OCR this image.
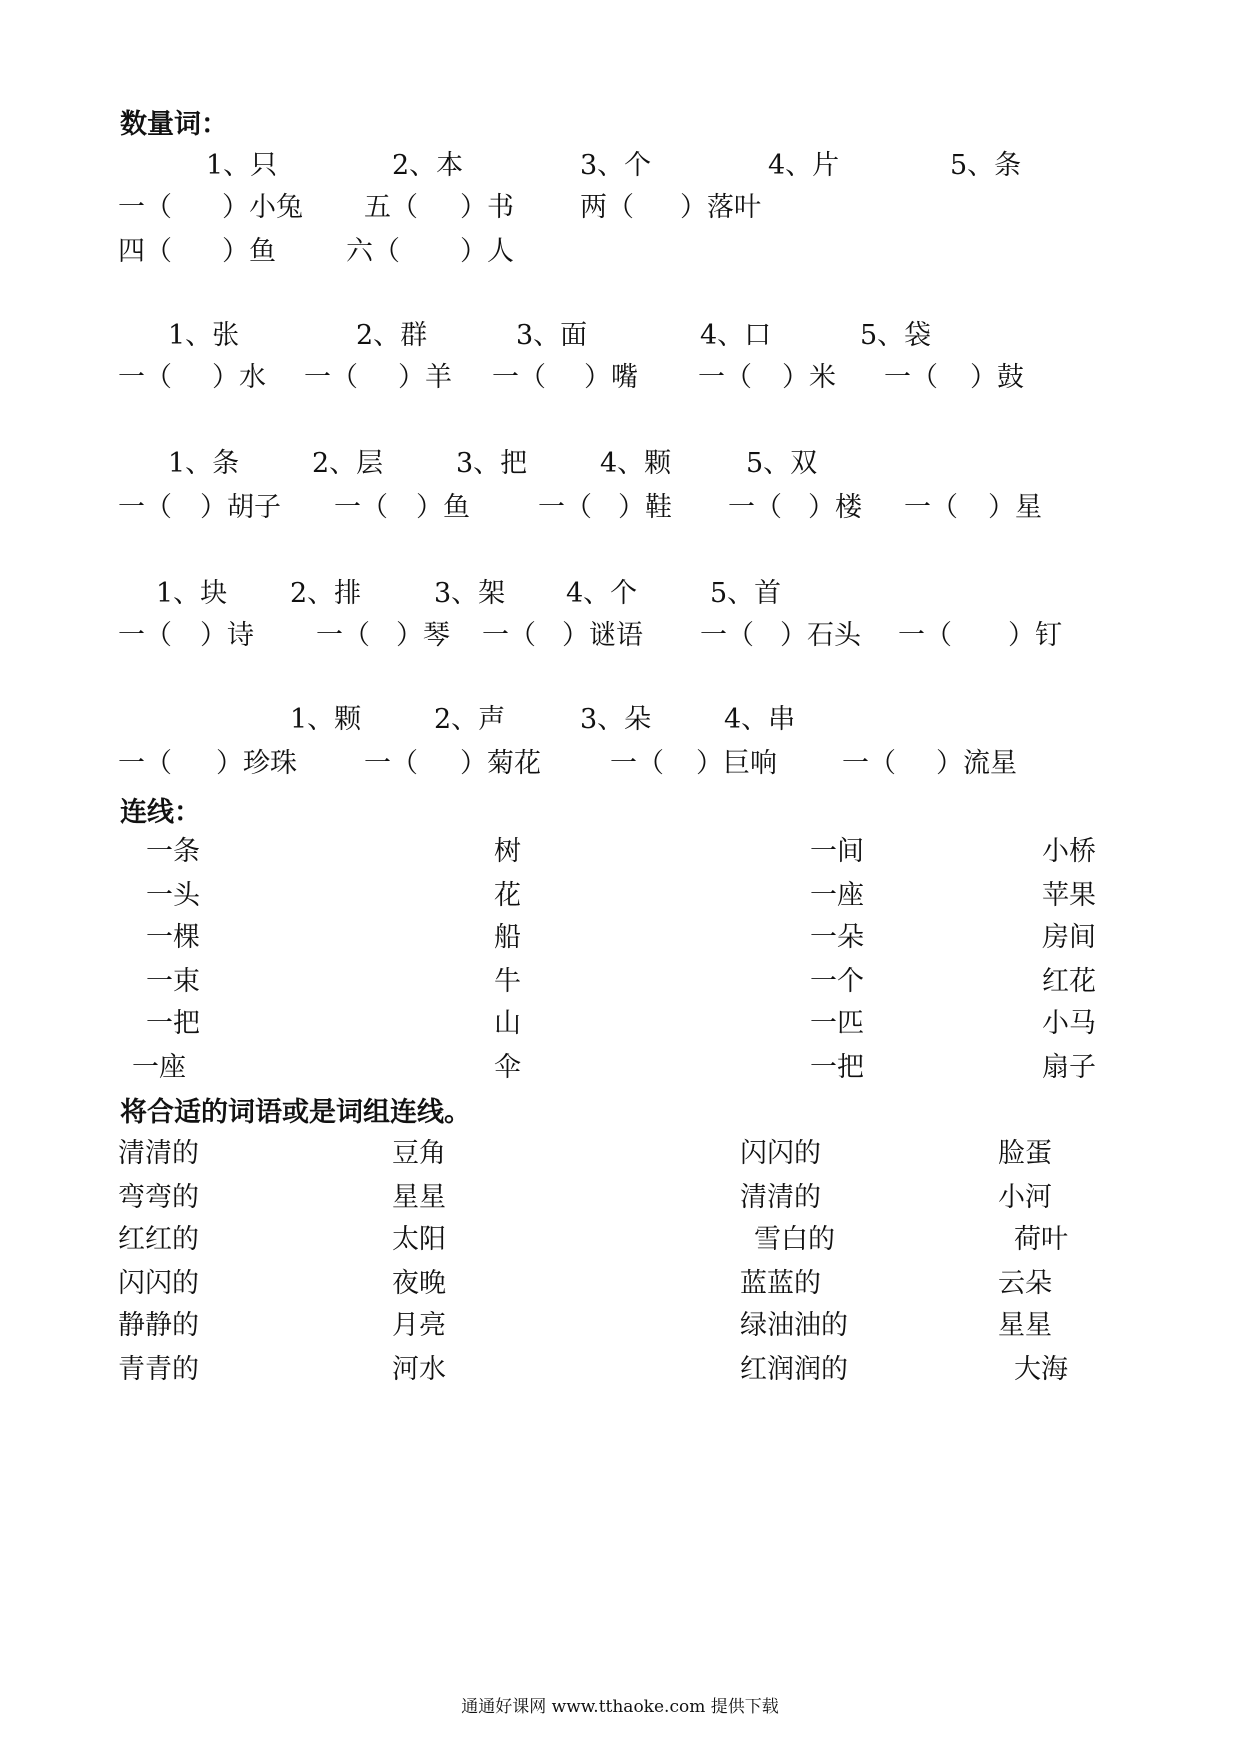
数量词：
1、只	2、本	3、个	4、片	5、条
一（ ）小兔 五（ ）书 两（ ）落叶
四（ ）鱼	六（ ）人
1、张	2、群	3、面	4、口	5、袋
一（ ）水 一（ ）羊 一（ ）嘴 一（ ）米 一（ ）鼓
1、条	2、层	3、把	4、颗	5、双
一（ ）胡子 一（ ）鱼	一（ ）鞋 一（ ）楼 一（ ）星
1、块 2、排	3、架 4、个	5、首
一（ ）诗 一（ ）琴 一（ ）谜语 一（ ）石头 一（ ）钉
1、颗	2、声	3、朵	4、串
一（ ）珍珠 一（ ）菊花	一（ ）巨响 一（ ）流星
一条	树	一间	小桥
一头	花	一座	苹果
一棵	船	一朵	房间
一束	牛	一个	红花
一把	山	一匹	小马
一座	伞	一把	扇子
清清的	豆角	闪闪的	脸蛋
弯弯的	星星	清清的	小河
红红的	太阳	雪白的	荷叶
闪闪的	夜晚	蓝蓝的	云朵
静静的	月亮	绿油油的	星星
青青的	河水	红润润的	大海
连线：
将合适的词语或是词组连线。
通通好课网 www.tthaoke.com 提供下载
